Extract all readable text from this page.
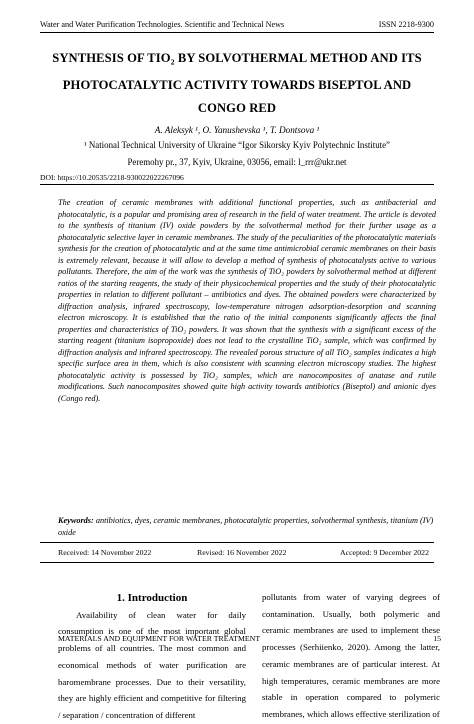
Water and Water Purification Technologies. Scientific and Technical News	ISSN 2218-9300
SYNTHESIS OF TIO₂ BY SOLVOTHERMAL METHOD AND ITS
PHOTOCATALYTIC ACTIVITY TOWARDS BISEPTOL AND
CONGO RED
A. Aleksyk ¹, O. Yanushevska ¹, T. Dontsova ¹
¹ National Technical University of Ukraine “Igor Sikorsky Kyiv Polytechnic Institute”
Peremohy pr., 37, Kyiv, Ukraine, 03056, email: l_rrr@ukr.net
DOI: https://10.20535/2218-930022022267096

The creation of ceramic membranes with additional functional properties, such as antibacterial and photocatalytic, is a popular and promising area of research in the field of water treatment. The article is devoted to the synthesis of titanium (IV) oxide powders by the solvothermal method for their further usage as a photocatalytic selective layer in ceramic membranes. The study of the peculiarities of the photocatalytic materials synthesis for the creation of photocatalytic and at the same time antimicrobial ceramic membranes on their basis is extremely relevant, because it will allow to develop a method of synthesis of photocatalysts active to various pollutants. Therefore, the aim of the work was the synthesis of TiO₂ powders by solvothermal method at different ratios of the starting reagents, the study of their physicochemical properties and the study of their photocatalytic properties in relation to different pollutant – antibiotics and dyes. The obtained powders were characterized by diffraction analysis, infrared spectroscopy, low-temperature nitrogen adsorption-desorption and scanning electron microscopy. It is established that the ratio of the initial components significantly affects the final properties and characteristics of TiO₂ powders. It was shown that the synthesis with a significant excess of the starting reagent (titanium isopropoxide) does not lead to the crystalline TiO₂ sample, which was confirmed by diffraction analysis and infrared spectroscopy. The revealed porous structure of all TiO₂ samples indicates a high specific surface area in them, which is also consistent with scanning electron microscopy studies. The highest photocatalytic activity is possessed by TiO₂ samples, which are nanocomposites of anatase and rutile modifications. Such nanocomposites showed quite high activity towards antibiotics (Biseptol) and anionic dyes (Congo red).

Keywords: antibiotics, dyes, ceramic membranes, photocatalytic properties, solvothermal synthesis, titanium (IV) oxide

Received: 14 November 2022	Revised: 16 November 2022	Accepted: 9 December 2022
1. Introduction

Availability of clean water for daily consumption is one of the most important global problems of all countries. The most common and economical methods of water purification are baromembrane processes. Due to their versatility, they are highly efficient and competitive for filtering / separation / concentration of different

pollutants from water of varying degrees of contamination. Usually, both polymeric and ceramic membranes are used to implement these processes (Serhiienko, 2020). Among the latter, ceramic membranes are of particular interest. At high temperatures, ceramic membranes are more stable in operation compared to polymeric membranes, which allows effective sterilization of

MATERIALS AND EQUIPMENT FOR WATER TREATMENT	15
